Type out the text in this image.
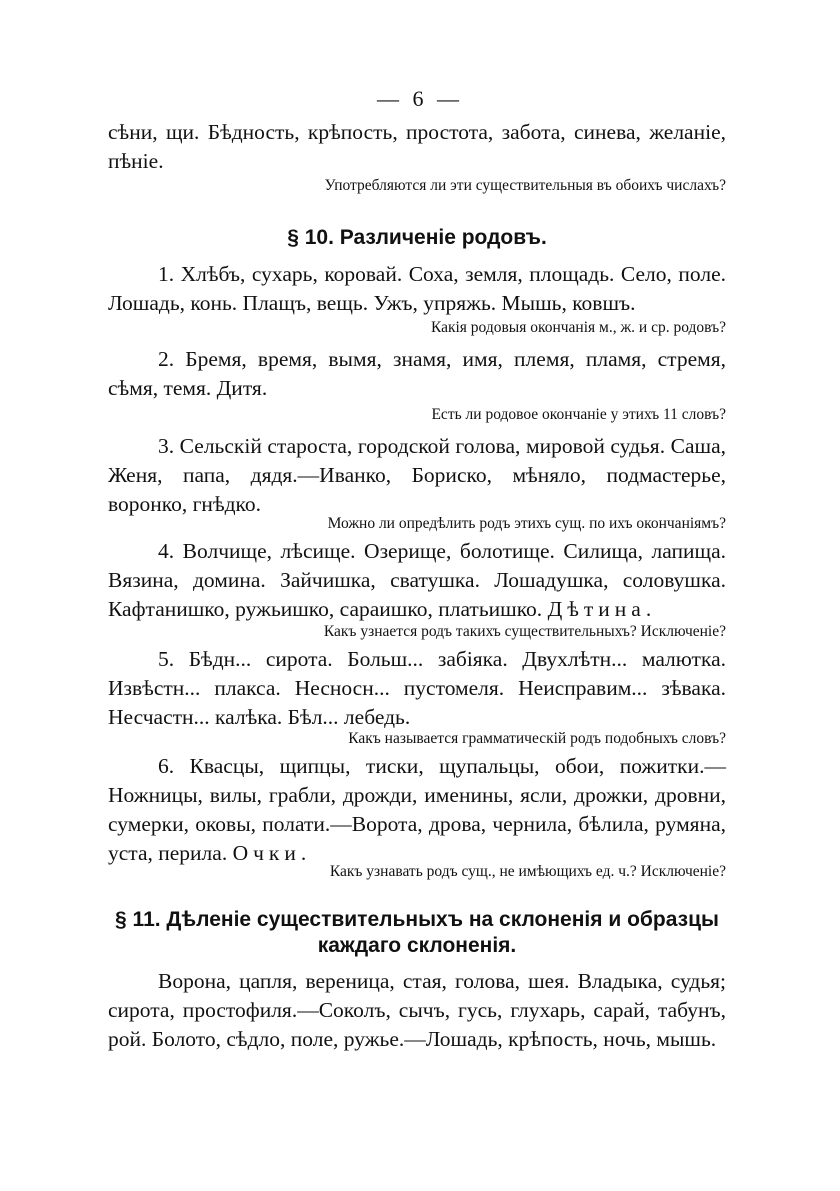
— 6 —

сѣни, щи. Бѣдность, крѣпость, простота, забота, синева, желаніе, пѣніе.

Употребляются ли эти существительныя въ обоихъ числахъ?

§ 10. Различеніе родовъ.

1. Хлѣбъ, сухарь, коровай. Соха, земля, площадь. Село, поле. Лошадь, конь. Плащъ, вещь. Ужъ, упряжь. Мышь, ковшъ.

Какія родовыя окончанія м., ж. и ср. родовъ?

2. Бремя, время, вымя, знамя, имя, племя, пламя, стремя, сѣмя, темя. Дитя.

Есть ли родовое окончаніе у этихъ 11 словъ?

3. Сельскій староста, городской голова, мировой судья. Саша, Женя, папа, дядя.—Иванко, Бориско, мѣняло, подмастерье, воронко, гнѣдко.

Можно ли опредѣлить родъ этихъ сущ. по ихъ окончаніямъ?

4. Волчище, лѣсище. Озерище, болотище. Силища, лапища. Вязина, домина. Зайчишка, сватушка. Лошадушка, соловушка. Кафтанишко, ружьишко, сараишко, платьишко. Дѣтина.

Какъ узнается родъ такихъ существительныхъ? Исключеніе?

5. Бѣдн... сирота. Больш... забіяка. Двухлѣтн... малютка. Извѣстн... плакса. Несносн... пустомеля. Неисправим... зѣвака. Несчастн... калѣка. Бѣл... лебедь.

Какъ называется грамматическій родъ подобныхъ словъ?

6. Квасцы, щипцы, тиски, щупальцы, обои, пожитки.—Ножницы, вилы, грабли, дрожди, именины, ясли, дрожки, дровни, сумерки, оковы, полати.—Ворота, дрова, чернила, бѣлила, румяна, уста, перила. Очки.

Какъ узнавать родъ сущ., не имѣющихъ ед. ч.? Исключеніе?

§ 11. Дѣленіе существительныхъ на склоненія и образцы каждаго склоненія.

Ворона, цапля, вереница, стая, голова, шея. Владыка, судья; сирота, простофиля.—Соколъ, сычъ, гусь, глухарь, сарай, табунъ, рой. Болото, сѣдло, поле, ружье.—Лошадь, крѣпость, ночь, мышь.
